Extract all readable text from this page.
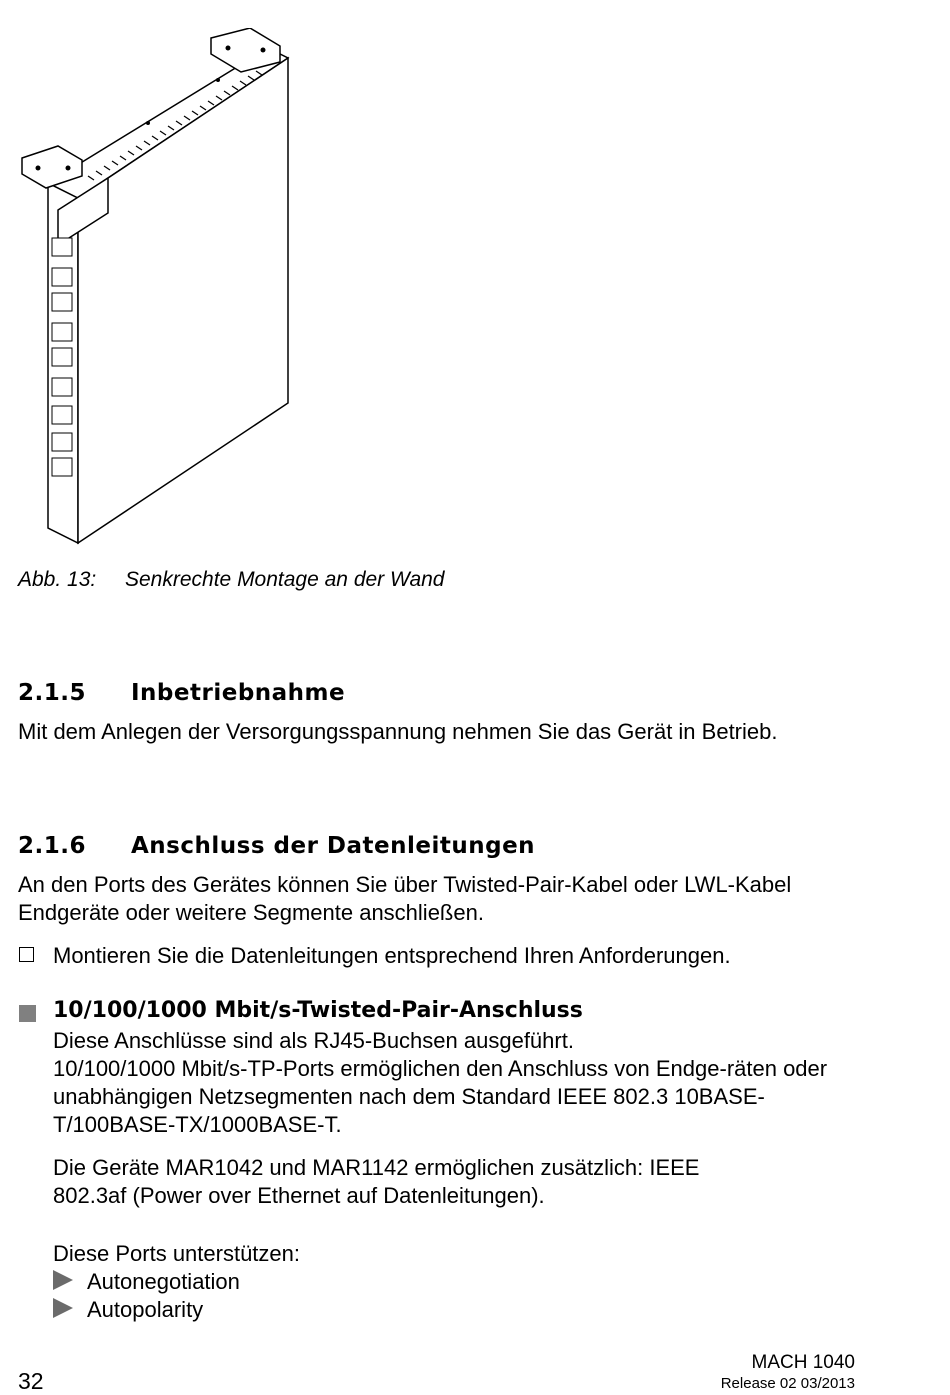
Abb. 13: Senkrechte Montage an der Wand
2.1.5 Inbetriebnahme

Mit dem Anlegen der Versorgungsspannung nehmen Sie das Gerät in Betrieb.

2.1.6 Anschluss der Datenleitungen

An den Ports des Gerätes können Sie über Twisted-Pair-Kabel oder LWL-Kabel Endgeräte oder weitere Segmente anschließen.

Montieren Sie die Datenleitungen entsprechend Ihren Anforderungen.

10/100/1000 Mbit/s-Twisted-Pair-Anschluss

Diese Anschlüsse sind als RJ45-Buchsen ausgeführt.

10/100/1000 Mbit/s-TP-Ports ermöglichen den Anschluss von Endge-räten oder unabhängigen Netzsegmenten nach dem Standard IEEE 802.3 10BASE-T/100BASE-TX/1000BASE-T.

Die Geräte MAR1042 und MAR1142 ermöglichen zusätzlich: IEEE 802.3af (Power over Ethernet auf Datenleitungen).

Diese Ports unterstützen:

Autonegotiation
Autopolarity
32
MACH 1040
Release 02 03/2013
